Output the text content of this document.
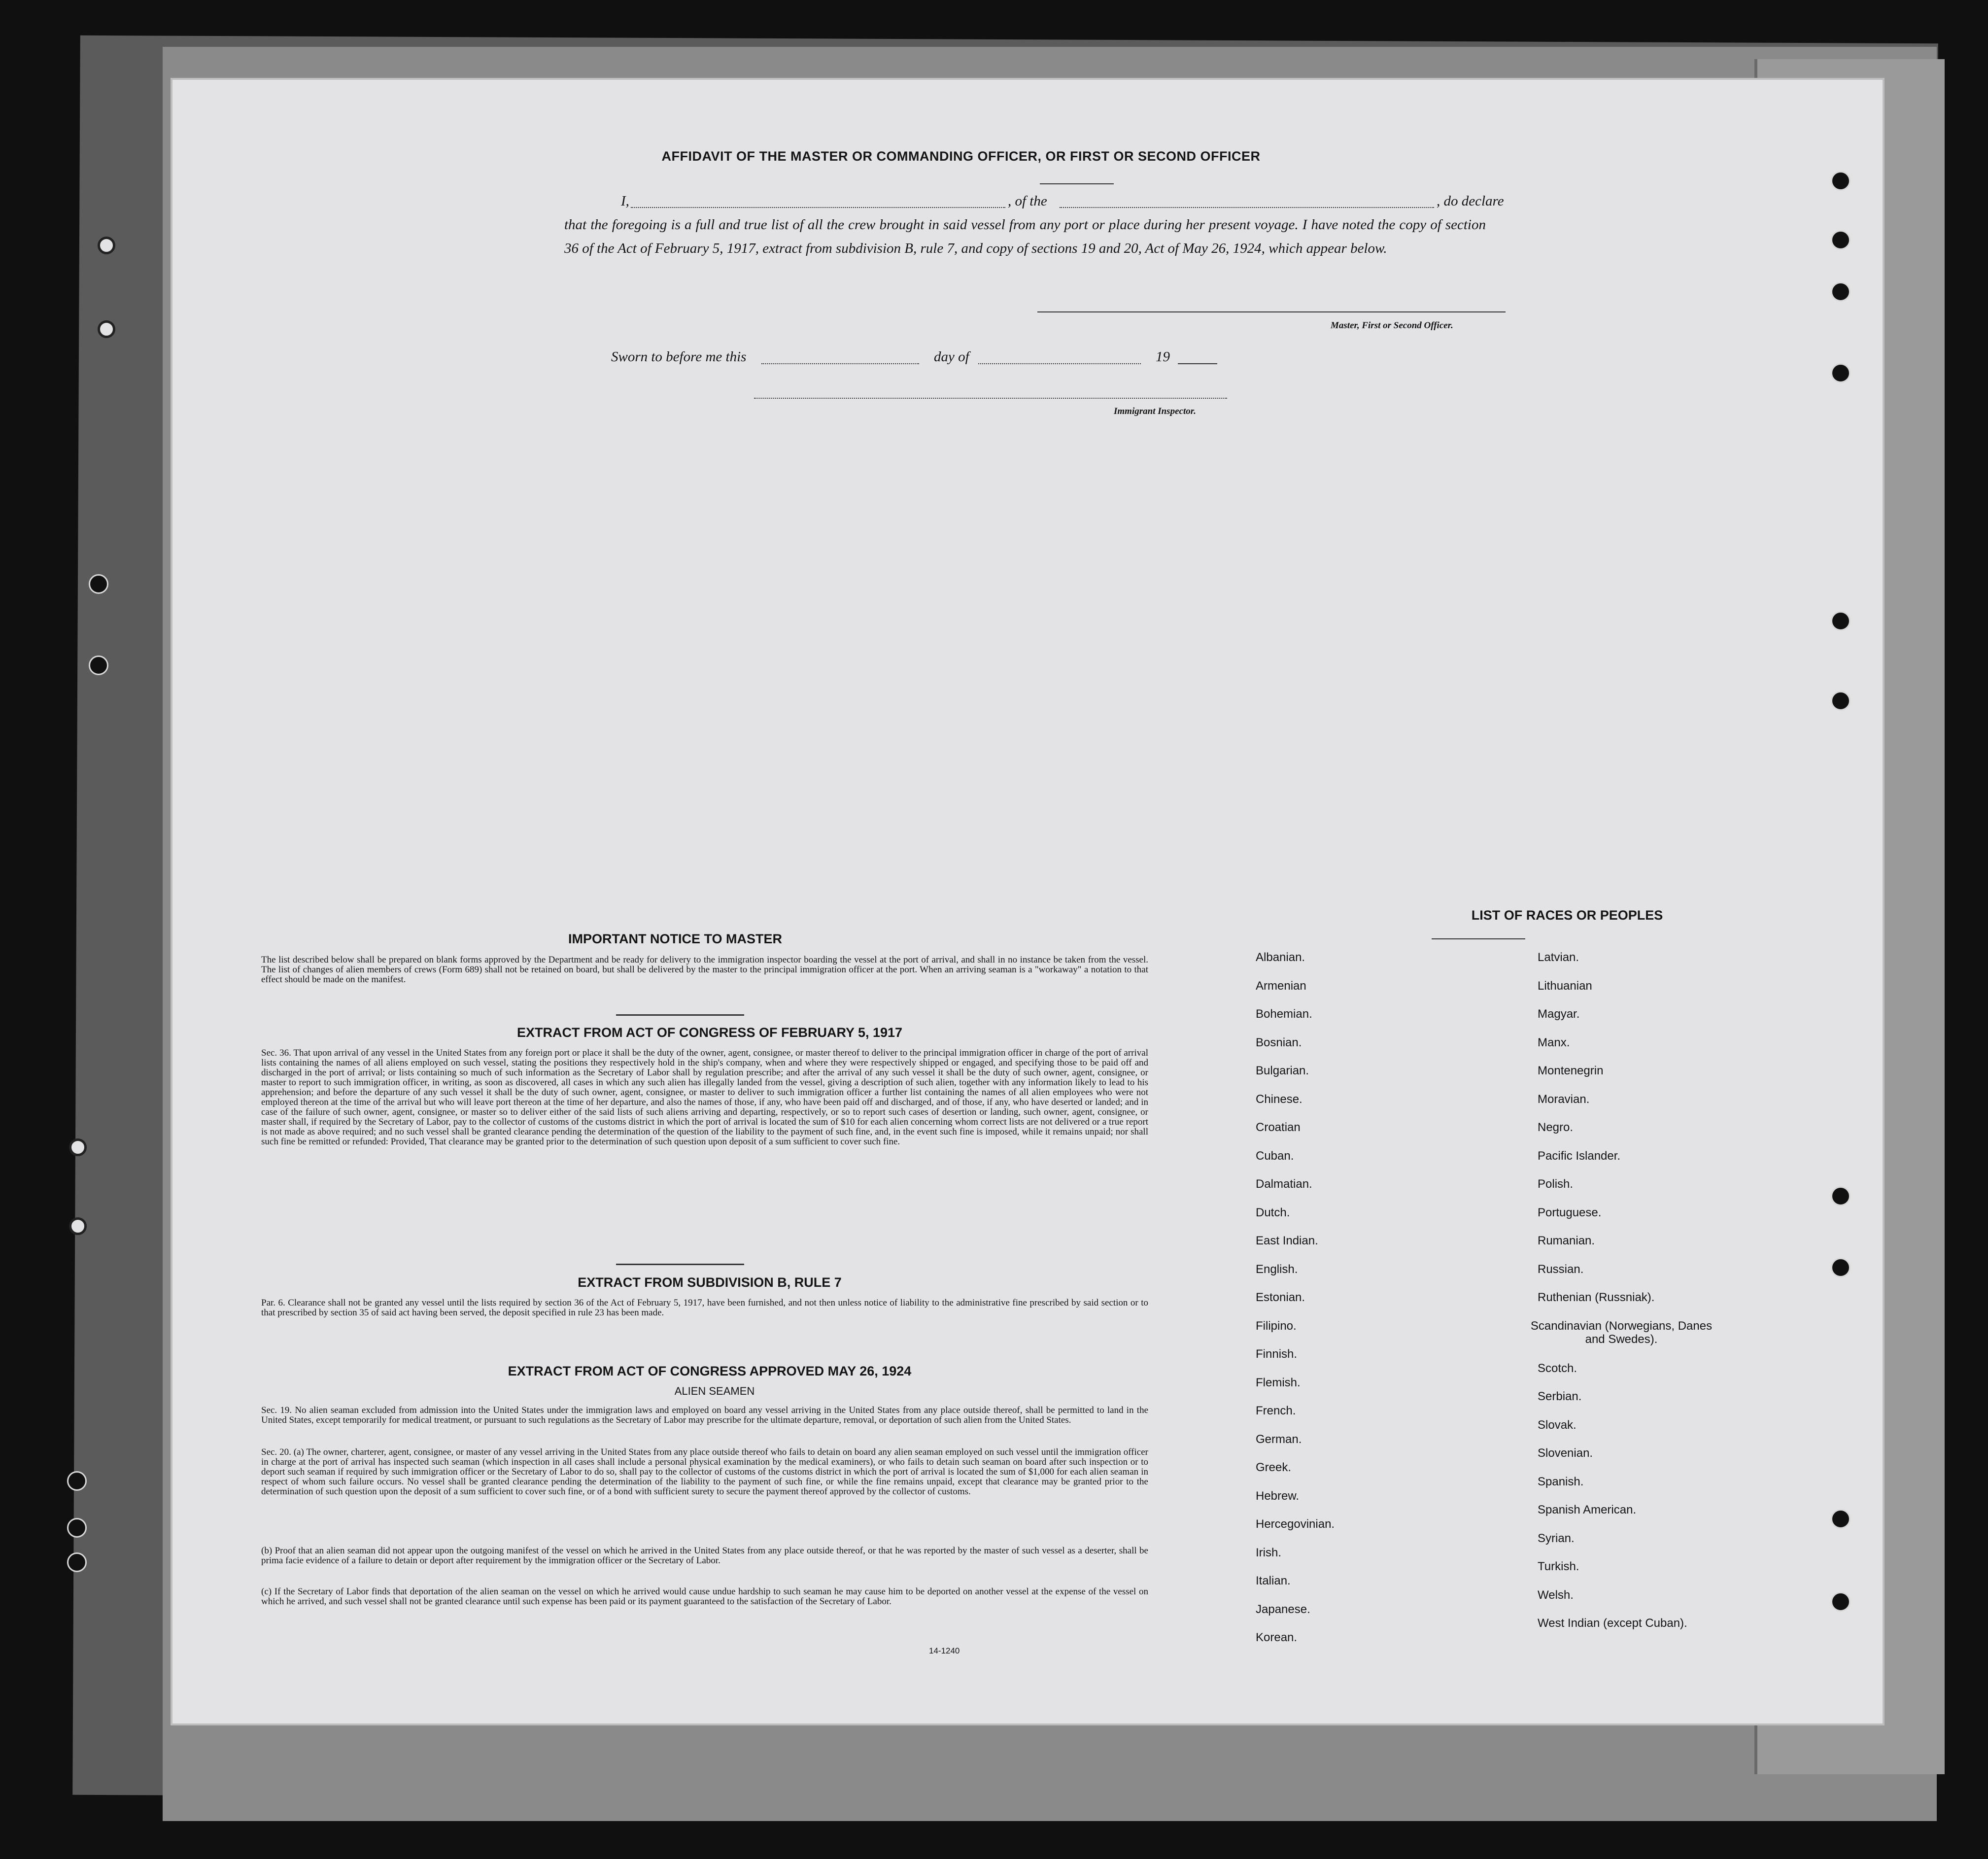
AFFIDAVIT OF THE MASTER OR COMMANDING OFFICER, OR FIRST OR SECOND OFFICER
I,	, of the	, do declare
that the foregoing is a full and true list of all the crew brought in said vessel from any port or place during her present voyage. I have noted the copy of section 36 of the Act of February 5, 1917, extract from subdivision B, rule 7, and copy of sections 19 and 20, Act of May 26, 1924, which appear below.
Master, First or Second Officer.
Sworn to before me this	day of	19
Immigrant Inspector.
IMPORTANT NOTICE TO MASTER
The list described below shall be prepared on blank forms approved by the Department and be ready for delivery to the immigration inspector boarding the vessel at the port of arrival, and shall in no instance be taken from the vessel. The list of changes of alien members of crews (Form 689) shall not be retained on board, but shall be delivered by the master to the principal immigration officer at the port. When an arriving seaman is a "workaway" a notation to that effect should be made on the manifest.
EXTRACT FROM ACT OF CONGRESS OF FEBRUARY 5, 1917
Sec. 36. That upon arrival of any vessel in the United States from any foreign port or place it shall be the duty of the owner, agent, consignee, or master thereof to deliver to the principal immigration officer in charge of the port of arrival lists containing the names of all aliens employed on such vessel, stating the positions they respectively hold in the ship's company, when and where they were respectively shipped or engaged, and specifying those to be paid off and discharged in the port of arrival; or lists containing so much of such information as the Secretary of Labor shall by regulation prescribe; and after the arrival of any such vessel it shall be the duty of such owner, agent, consignee, or master to report to such immigration officer, in writing, as soon as discovered, all cases in which any such alien has illegally landed from the vessel, giving a description of such alien, together with any information likely to lead to his apprehension; and before the departure of any such vessel it shall be the duty of such owner, agent, consignee, or master to deliver to such immigration officer a further list containing the names of all alien employees who were not employed thereon at the time of the arrival but who will leave port thereon at the time of her departure, and also the names of those, if any, who have been paid off and discharged, and of those, if any, who have deserted or landed; and in case of the failure of such owner, agent, consignee, or master so to deliver either of the said lists of such aliens arriving and departing, respectively, or so to report such cases of desertion or landing, such owner, agent, consignee, or master shall, if required by the Secretary of Labor, pay to the collector of customs of the customs district in which the port of arrival is located the sum of $10 for each alien concerning whom correct lists are not delivered or a true report is not made as above required; and no such vessel shall be granted clearance pending the determination of the question of the liability to the payment of such fine, and, in the event such fine is imposed, while it remains unpaid; nor shall such fine be remitted or refunded: Provided, That clearance may be granted prior to the determination of such question upon deposit of a sum sufficient to cover such fine.
EXTRACT FROM SUBDIVISION B, RULE 7
Par. 6. Clearance shall not be granted any vessel until the lists required by section 36 of the Act of February 5, 1917, have been furnished, and not then unless notice of liability to the administrative fine prescribed by said section or to that prescribed by section 35 of said act having been served, the deposit specified in rule 23 has been made.
EXTRACT FROM ACT OF CONGRESS APPROVED MAY 26, 1924
ALIEN SEAMEN
Sec. 19. No alien seaman excluded from admission into the United States under the immigration laws and employed on board any vessel arriving in the United States from any place outside thereof, shall be permitted to land in the United States, except temporarily for medical treatment, or pursuant to such regulations as the Secretary of Labor may prescribe for the ultimate departure, removal, or deportation of such alien from the United States.
Sec. 20. (a) The owner, charterer, agent, consignee, or master of any vessel arriving in the United States from any place outside thereof who fails to detain on board any alien seaman employed on such vessel until the immigration officer in charge at the port of arrival has inspected such seaman (which inspection in all cases shall include a personal physical examination by the medical examiners), or who fails to detain such seaman on board after such inspection or to deport such seaman if required by such immigration officer or the Secretary of Labor to do so, shall pay to the collector of customs of the customs district in which the port of arrival is located the sum of $1,000 for each alien seaman in respect of whom such failure occurs. No vessel shall be granted clearance pending the determination of the liability to the payment of such fine, or while the fine remains unpaid, except that clearance may be granted prior to the determination of such question upon the deposit of a sum sufficient to cover such fine, or of a bond with sufficient surety to secure the payment thereof approved by the collector of customs.
(b) Proof that an alien seaman did not appear upon the outgoing manifest of the vessel on which he arrived in the United States from any place outside thereof, or that he was reported by the master of such vessel as a deserter, shall be prima facie evidence of a failure to detain or deport after requirement by the immigration officer or the Secretary of Labor.
(c) If the Secretary of Labor finds that deportation of the alien seaman on the vessel on which he arrived would cause undue hardship to such seaman he may cause him to be deported on another vessel at the expense of the vessel on which he arrived, and such vessel shall not be granted clearance until such expense has been paid or its payment guaranteed to the satisfaction of the Secretary of Labor.
14-1240
LIST OF RACES OR PEOPLES
Albanian.
Armenian
Bohemian.
Bosnian.
Bulgarian.
Chinese.
Croatian
Cuban.
Dalmatian.
Dutch.
East Indian.
English.
Estonian.
Filipino.
Finnish.
Flemish.
French.
German.
Greek.
Hebrew.
Hercegovinian.
Irish.
Italian.
Japanese.
Korean.
Latvian.
Lithuanian
Magyar.
Manx.
Montenegrin
Moravian.
Negro.
Pacific Islander.
Polish.
Portuguese.
Rumanian.
Russian.
Ruthenian (Russniak).
Scandinavian (Norwegians, Danes and Swedes).
Scotch.
Serbian.
Slovak.
Slovenian.
Spanish.
Spanish American.
Syrian.
Turkish.
Welsh.
West Indian (except Cuban).
